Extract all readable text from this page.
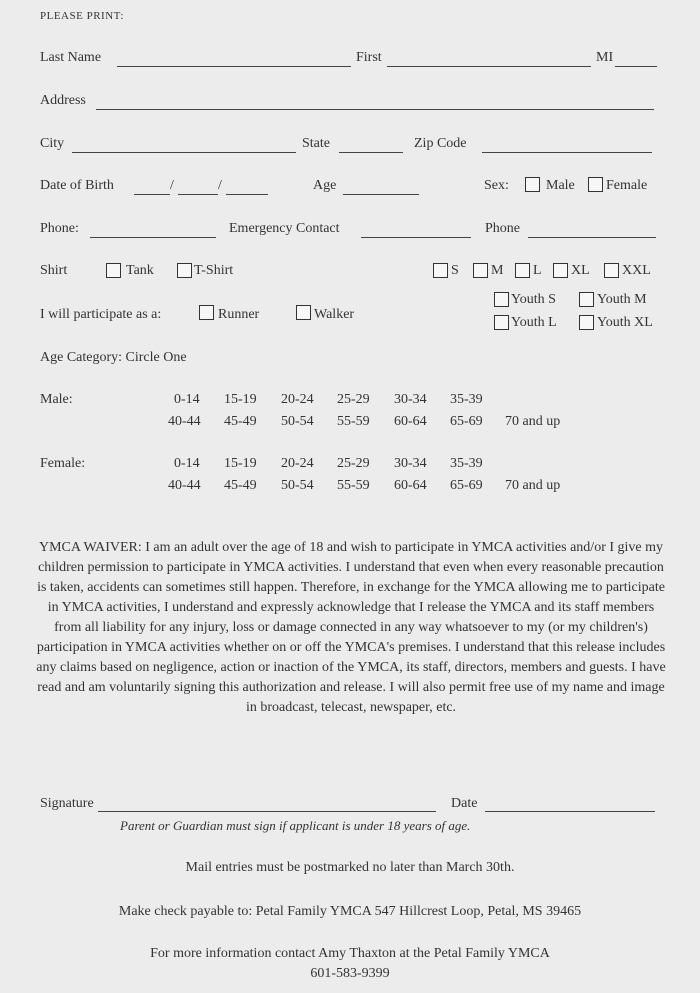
PLEASE PRINT:
Last Name	First	MI
Address
City	State	Zip Code
Date of Birth	/	/	Age	Sex:	Male Female
Phone:	Emergency Contact	Phone
Shirt	Tank	T-Shirt	S M L XL XXL
I will participate as a:	Runner	Walker
Youth S	Youth M
Youth L	Youth XL
Age Category: Circle One
Male:	0-14	15-19	20-24	25-29	30-34	35-39
40-44	45-49	50-54	55-59	60-64	65-69	70 and up
Female:	0-14	15-19	20-24	25-29	30-34	35-39
40-44	45-49	50-54	55-59	60-64	65-69	70 and up
YMCA WAIVER: I am an adult over the age of 18 and wish to participate in YMCA activities and/or I give my children permission to participate in YMCA activities. I understand that even when every reasonable precaution is taken, accidents can sometimes still happen. Therefore, in exchange for the YMCA allowing me to participate in YMCA activities, I understand and expressly acknowledge that I release the YMCA and its staff members from all liability for any injury, loss or damage connected in any way whatsoever to my (or my children's) participation in YMCA activities whether on or off the YMCA's premises. I understand that this release includes any claims based on negligence, action or inaction of the YMCA, its staff, directors, members and guests. I have read and am voluntarily signing this authorization and release. I will also permit free use of my name and image in broadcast, telecast, newspaper, etc.
Signature	Date
Parent or Guardian must sign if applicant is under 18 years of age.
Mail entries must be postmarked no later than March 30th.
Make check payable to: Petal Family YMCA 547 Hillcrest Loop, Petal, MS 39465
For more information contact Amy Thaxton at the Petal Family YMCA
601-583-9399
